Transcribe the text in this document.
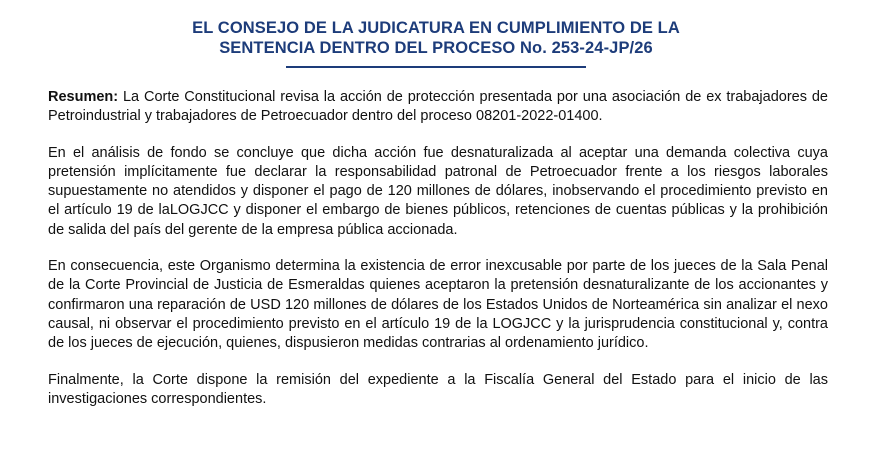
EL CONSEJO DE LA JUDICATURA EN CUMPLIMIENTO DE LA
SENTENCIA DENTRO DEL PROCESO No. 253-24-JP/26

Resumen: La Corte Constitucional revisa la acción de protección presentada por una asociación de ex trabajadores de Petroindustrial y trabajadores de Petroecuador dentro del proceso 08201-2022-01400.

En el análisis de fondo se concluye que dicha acción fue desnaturalizada al aceptar una demanda colectiva cuya pretensión implícitamente fue declarar la responsabilidad patronal de Petroecuador frente a los riesgos laborales supuestamente no atendidos y disponer el pago de 120 millones de dólares, inobservando el procedimiento previsto en el artículo 19 de laLOGJCC y disponer el embargo de bienes públicos, retenciones de cuentas públicas y la prohibición de salida del país del gerente de la empresa pública accionada.

En consecuencia, este Organismo determina la existencia de error inexcusable por parte de los jueces de la Sala Penal de la Corte Provincial de Justicia de Esmeraldas quienes aceptaron la pretensión desnaturalizante de los accionantes y confirmaron una reparación de USD 120 millones de dólares de los Estados Unidos de Norteamérica sin analizar el nexo causal, ni observar el procedimiento previsto en el artículo 19 de la LOGJCC y la jurisprudencia constitucional y, contra de los jueces de ejecución, quienes, dispusieron medidas contrarias al ordenamiento jurídico.

Finalmente, la Corte dispone la remisión del expediente a la Fiscalía General del Estado para el inicio de las investigaciones correspondientes.
